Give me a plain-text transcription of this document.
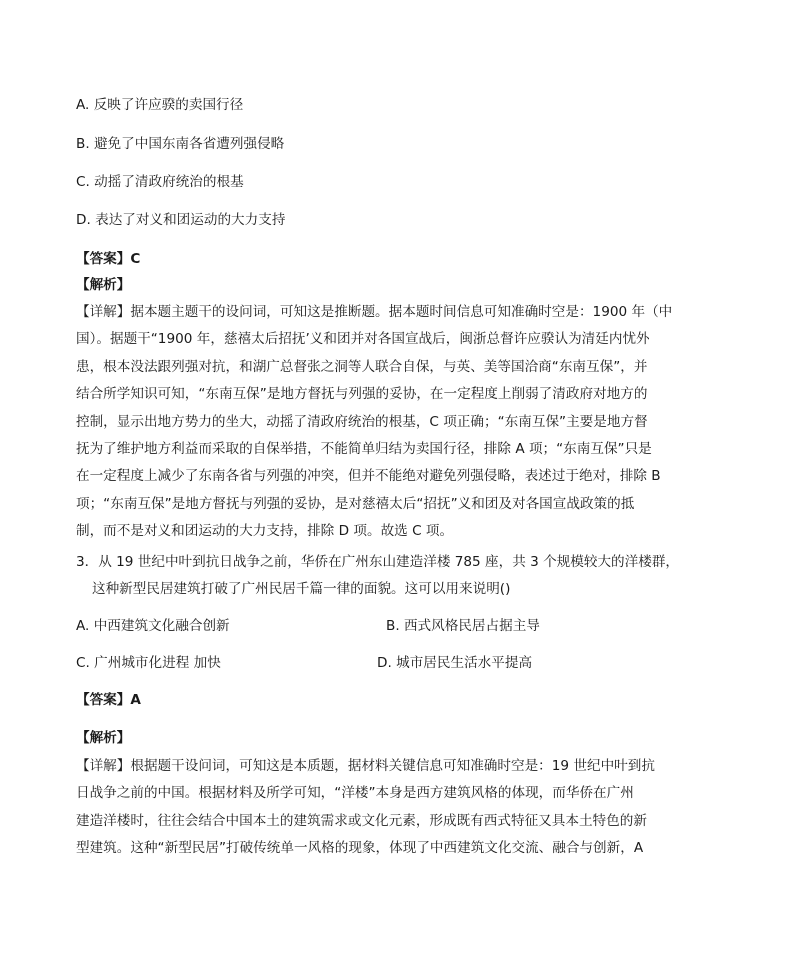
A. 反映了许应骙的卖国行径
B. 避免了中国东南各省遭列强侵略
C. 动摇了清政府统治的根基
D. 表达了对义和团运动的大力支持
【答案】C
【解析】
【详解】据本题主题干的设问词，可知这是推断题。据本题时间信息可知准确时空是：1900 年（中
国）。据题干“1900 年，慈禧太后招抚’义和团并对各国宣战后，闽浙总督许应骙认为清廷内忧外
患，根本没法跟列强对抗，和湖广总督张之洞等人联合自保，与英、美等国洽商“东南互保”，并
结合所学知识可知，“东南互保”是地方督抚与列强的妥协，在一定程度上削弱了清政府对地方的
控制，显示出地方势力的坐大，动摇了清政府统治的根基，C 项正确；“东南互保”主要是地方督
抚为了维护地方利益而采取的自保举措，不能简单归结为卖国行径，排除 A 项；“东南互保”只是
在一定程度上减少了东南各省与列强的冲突，但并不能绝对避免列强侵略，表述过于绝对，排除 B
项；“东南互保”是地方督抚与列强的妥协，是对慈禧太后“招抚”义和团及对各国宣战政策的抵
制，而不是对义和团运动的大力支持，排除 D 项。故选 C 项。
3．从 19 世纪中叶到抗日战争之前，华侨在广州东山建造洋楼 785 座，共 3 个规模较大的洋楼群，
这种新型民居建筑打破了广州民居千篇一律的面貌。这可以用来说明()
A. 中西建筑文化融合创新	B. 西式风格民居占据主导
C. 广州城市化进程 加快	D. 城市居民生活水平提高
【答案】A
【解析】
【详解】根据题干设问词，可知这是本质题，据材料关键信息可知准确时空是：19 世纪中叶到抗
日战争之前的中国。根据材料及所学可知，“洋楼”本身是西方建筑风格的体现，而华侨在广州
建造洋楼时，往往会结合中国本土的建筑需求或文化元素，形成既有西式特征又具本土特色的新
型建筑。这种“新型民居”打破传统单一风格的现象，体现了中西建筑文化交流、融合与创新，A
